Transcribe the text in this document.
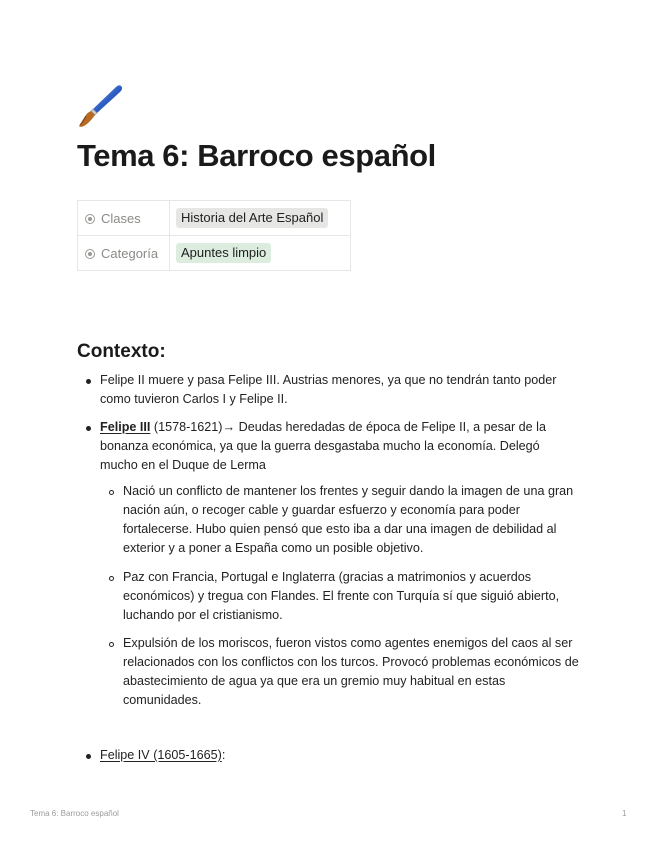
Tema 6: Barroco español
Clases	Historia del Arte Español
Categoría	Apuntes limpio
Contexto:
Felipe II muere y pasa Felipe III. Austrias menores, ya que no tendrán tanto poder como tuvieron Carlos I y Felipe II.
Felipe III (1578-1621)→ Deudas heredadas de época de Felipe II, a pesar de la bonanza económica, ya que la guerra desgastaba mucho la economía. Delegó mucho en el Duque de Lerma
Nació un conflicto de mantener los frentes y seguir dando la imagen de una gran nación aún, o recoger cable y guardar esfuerzo y economía para poder fortalecerse. Hubo quien pensó que esto iba a dar una imagen de debilidad al exterior y a poner a España como un posible objetivo.
Paz con Francia, Portugal e Inglaterra (gracias a matrimonios y acuerdos económicos) y tregua con Flandes. El frente con Turquía sí que siguió abierto, luchando por el cristianismo.
Expulsión de los moriscos, fueron vistos como agentes enemigos del caos al ser relacionados con los conflictos con los turcos. Provocó problemas económicos de abastecimiento de agua ya que era un gremio muy habitual en estas comunidades.
Felipe IV (1605-1665):
Tema 6: Barroco español	1
